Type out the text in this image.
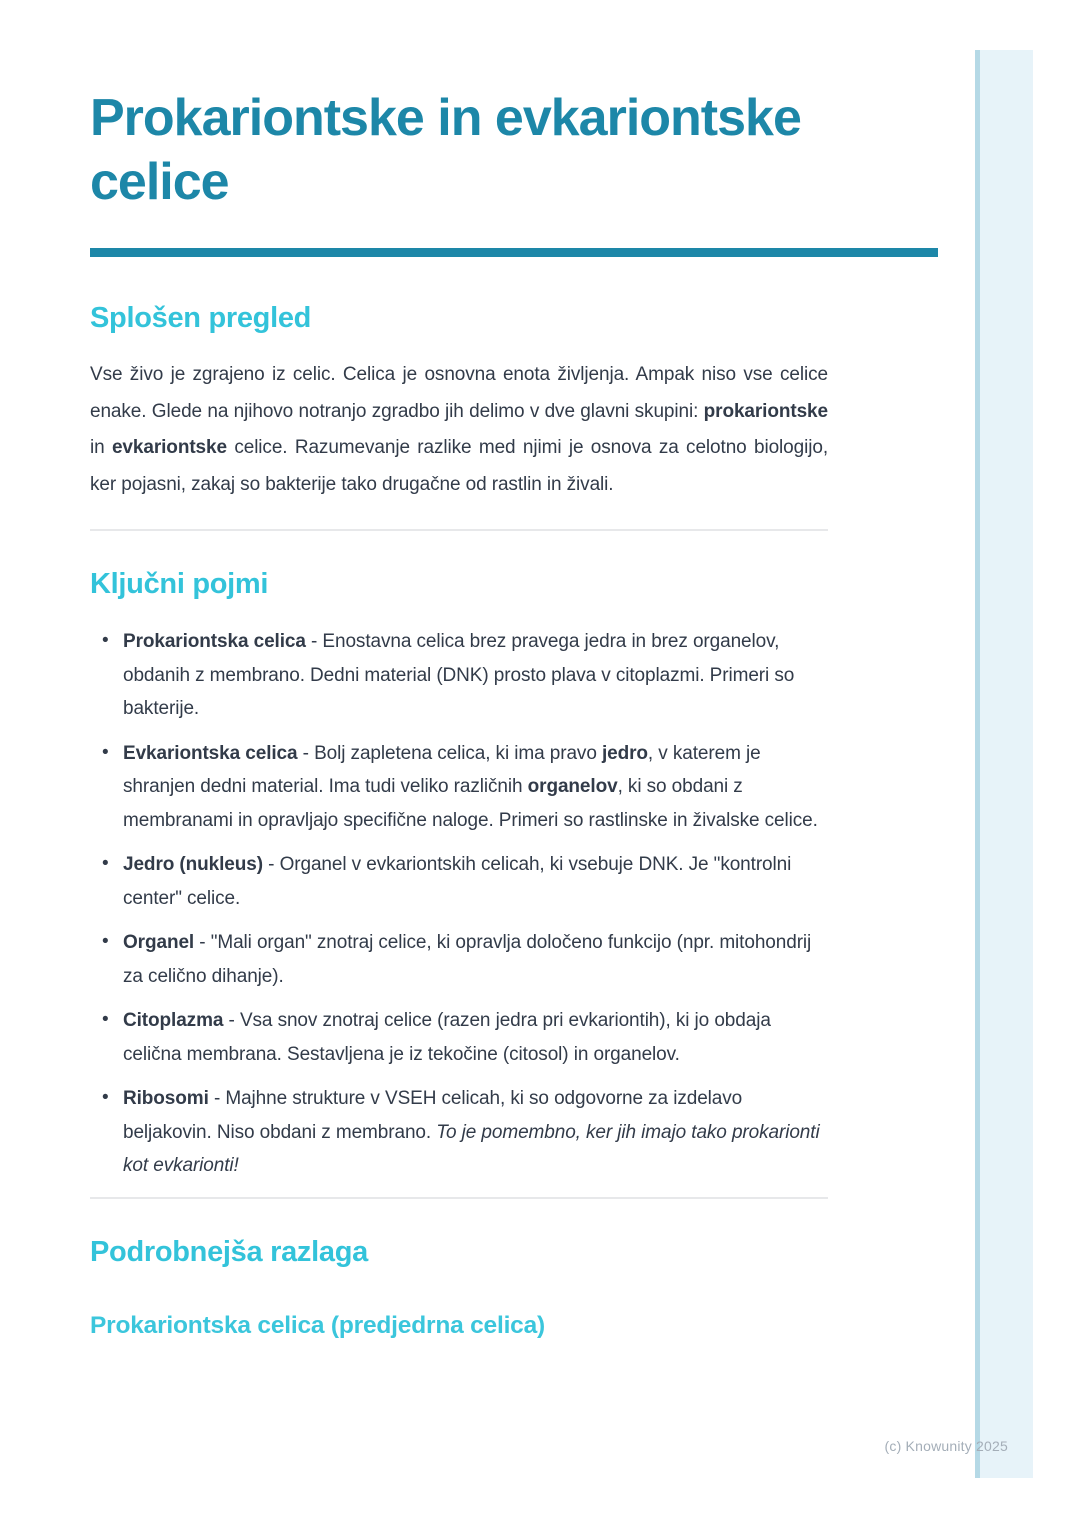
Prokariontske in evkariontske
celice
Splošen pregled

Vse živo je zgrajeno iz celic. Celica je osnovna enota življenja. Ampak niso vse celice enake. Glede na njihovo notranjo zgradbo jih delimo v dve glavni skupini: prokariontske in evkariontske celice. Razumevanje razlike med njimi je osnova za celotno biologijo, ker pojasni, zakaj so bakterije tako drugačne od rastlin in živali.

Ključni pojmi
• Prokariontska celica - Enostavna celica brez pravega jedra in brez organelov, obdanih z membrano. Dedni material (DNK) prosto plava v citoplazmi. Primeri so bakterije.
• Evkariontska celica - Bolj zapletena celica, ki ima pravo jedro, v katerem je shranjen dedni material. Ima tudi veliko različnih organelov, ki so obdani z membranami in opravljajo specifične naloge. Primeri so rastlinske in živalske celice.
• Jedro (nukleus) - Organel v evkariontskih celicah, ki vsebuje DNK. Je "kontrolni center" celice.
• Organel - "Mali organ" znotraj celice, ki opravlja določeno funkcijo (npr. mitohondrij za celično dihanje).
• Citoplazma - Vsa snov znotraj celice (razen jedra pri evkariontih), ki jo obdaja celična membrana. Sestavljena je iz tekočine (citosol) in organelov.
• Ribosomi - Majhne strukture v VSEH celicah, ki so odgovorne za izdelavo beljakovin. Niso obdani z membrano. To je pomembno, ker jih imajo tako prokarionti kot evkarionti!
Podrobnejša razlaga
Prokariontska celica (predjedrna celica)
(c) Knowunity 2025
